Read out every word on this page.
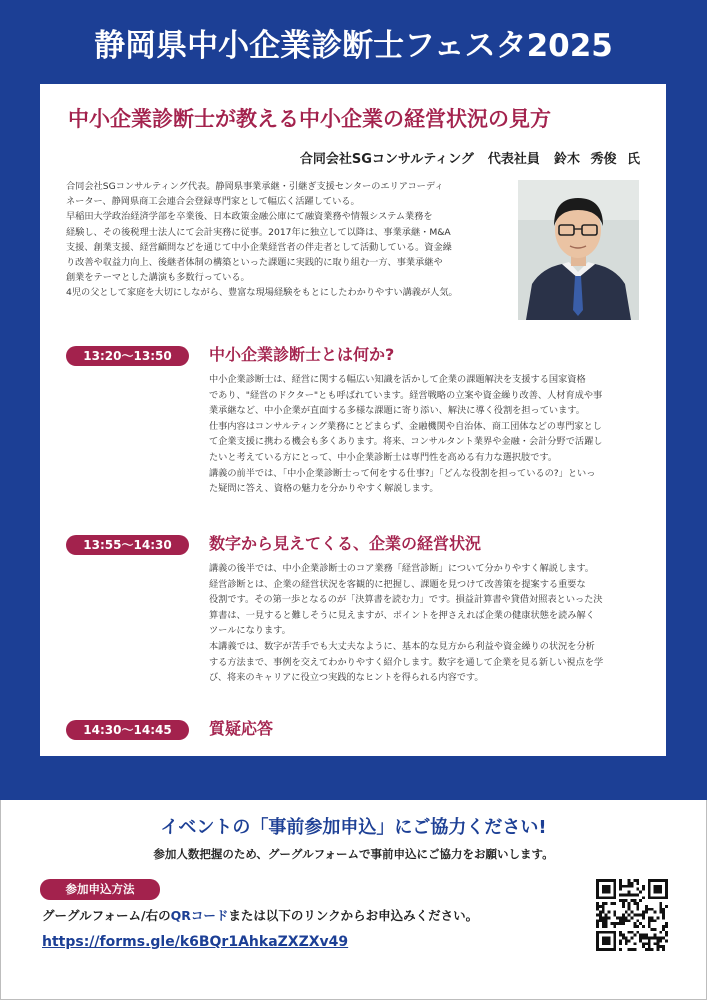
静岡県中小企業診断士フェスタ2025
中小企業診断士が教える中小企業の経営状況の見方
合同会社SGコンサルティング 代表社員 鈴木 秀俊 氏

合同会社SGコンサルティング代表。静岡県事業承継・引継ぎ支援センターのエリアコーディ

ネーター、静岡県商工会連合会登録専門家として幅広く活躍している。

早稲田大学政治経済学部を卒業後、日本政策金融公庫にて融資業務や情報システム業務を

経験し、その後税理士法人にて会計実務に従事。2017年に独立して以降は、事業承継・M&A

支援、創業支援、経営顧問などを通じて中小企業経営者の伴走者として活動している。資金繰

り改善や収益力向上、後継者体制の構築といった課題に実践的に取り組む一方、事業承継や

創業をテーマとした講演も多数行っている。

4児の父として家庭を大切にしながら、豊富な現場経験をもとにしたわかりやすい講義が人気。

13:20～13:50	中小企業診断士とは何か?

中小企業診断士は、経営に関する幅広い知識を活かして企業の課題解決を支援する国家資格

であり、"経営のドクター"とも呼ばれています。経営戦略の立案や資金繰り改善、人材育成や事

業承継など、中小企業が直面する多様な課題に寄り添い、解決に導く役割を担っています。

仕事内容はコンサルティング業務にとどまらず、金融機関や自治体、商工団体などの専門家とし

て企業支援に携わる機会も多くあります。将来、コンサルタント業界や金融・会計分野で活躍し

たいと考えている方にとって、中小企業診断士は専門性を高める有力な選択肢です。

講義の前半では、「中小企業診断士って何をする仕事?」「どんな役割を担っているの?」といっ

た疑問に答え、資格の魅力を分かりやすく解説します。

13:55～14:30	数字から見えてくる、企業の経営状況

講義の後半では、中小企業診断士のコア業務「経営診断」について分かりやすく解説します。

経営診断とは、企業の経営状況を客観的に把握し、課題を見つけて改善策を提案する重要な

役割です。その第一歩となるのが「決算書を読む力」です。損益計算書や貸借対照表といった決

算書は、一見すると難しそうに見えますが、ポイントを押さえれば企業の健康状態を読み解く

ツールになります。

本講義では、数字が苦手でも大丈夫なように、基本的な見方から利益や資金繰りの状況を分析

する方法まで、事例を交えてわかりやすく紹介します。数字を通して企業を見る新しい視点を学

び、将来のキャリアに役立つ実践的なヒントを得られる内容です。

14:30～14:45	質疑応答
イベントの「事前参加申込」にご協力ください!

参加人数把握のため、グーグルフォームで事前申込にご協力をお願いします。

参加申込方法

グーグルフォーム/右のQRコードまたは以下のリンクからお申込みください。

https://forms.gle/k6BQr1AhkaZXZXv49
